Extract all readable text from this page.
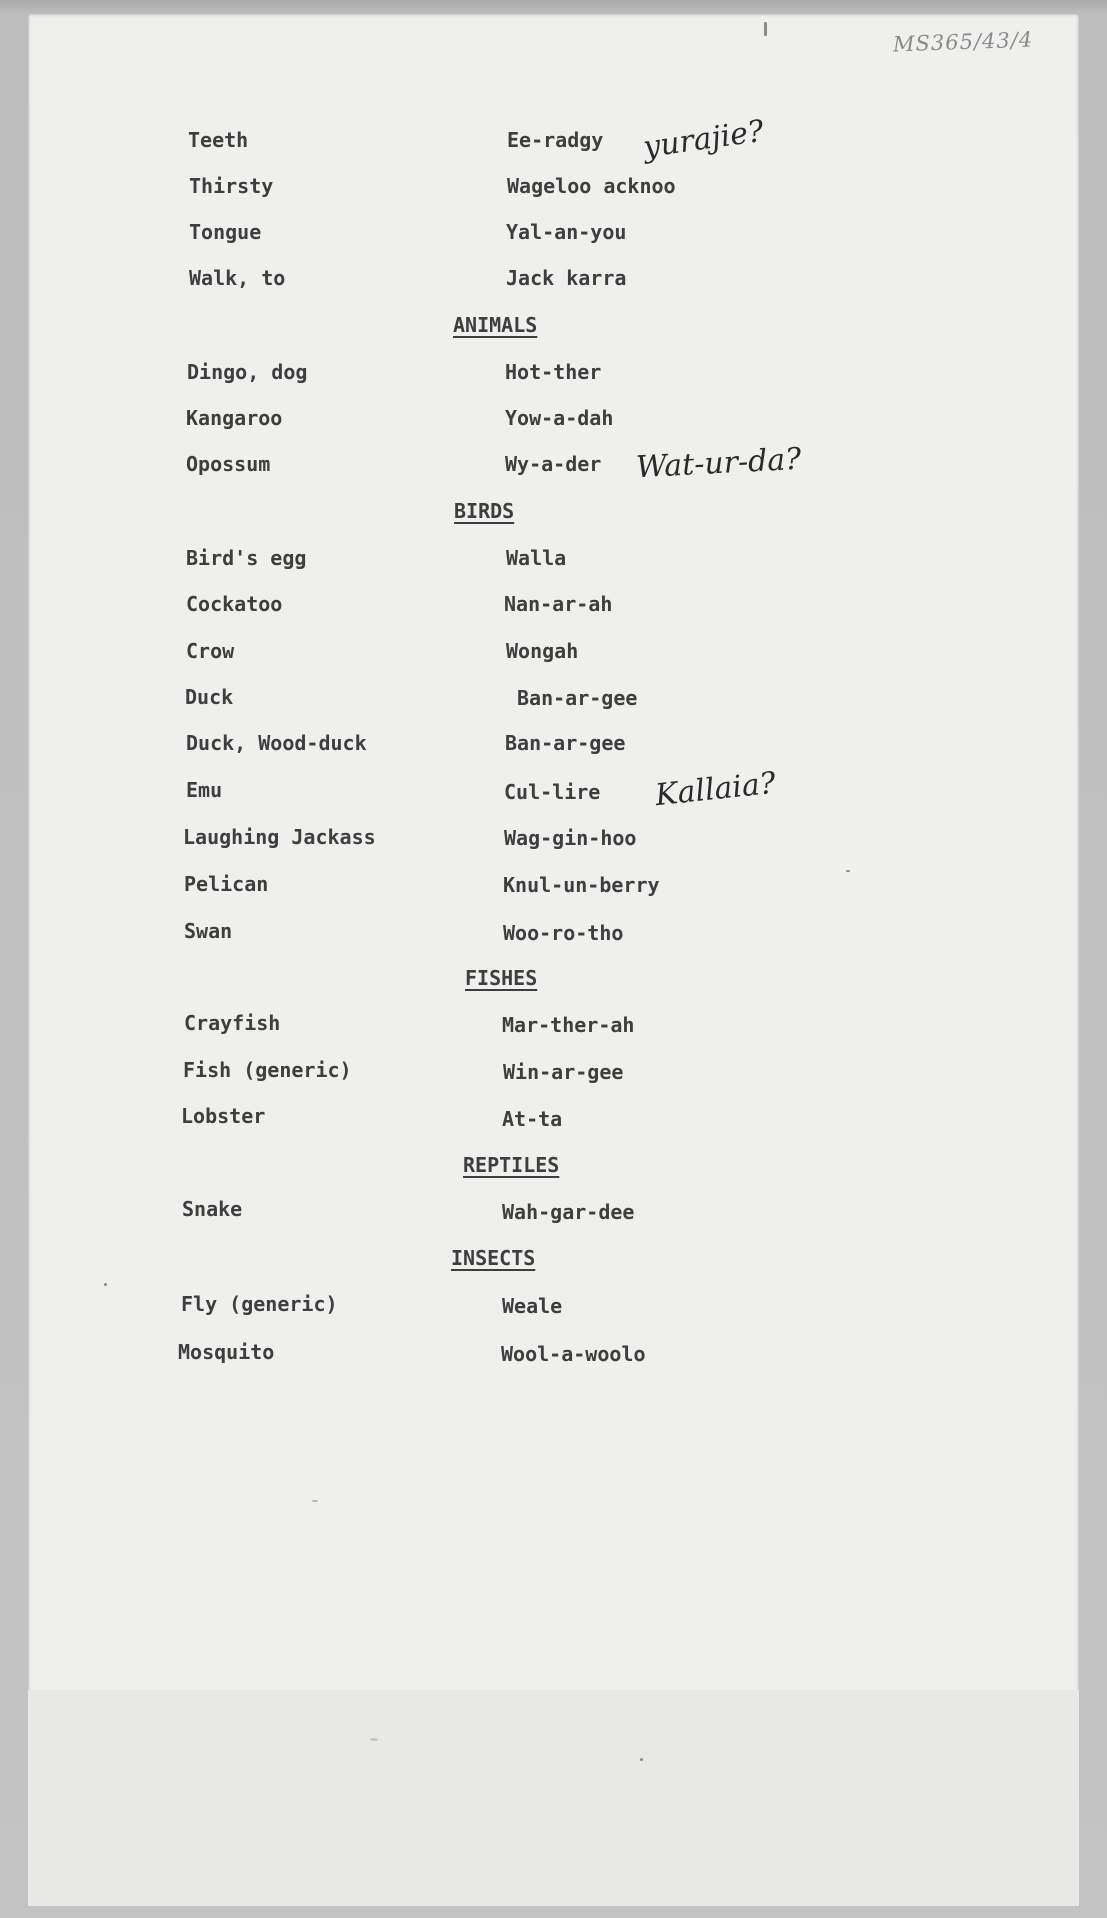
MS365/43/4
Teeth	Ee-radgy
Thirsty	Wageloo acknoo
Tongue	Yal-an-you
Walk, to	Jack karra
ANIMALS
Dingo, dog	Hot-ther
Kangaroo	Yow-a-dah
Opossum	Wy-a-der
BIRDS
Bird's egg	Walla
Cockatoo	Nan-ar-ah
Crow	Wongah
Duck	Ban-ar-gee
Duck, Wood-duck	Ban-ar-gee
Emu	Cul-lire
Laughing Jackass	Wag-gin-hoo
Pelican	Knul-un-berry
Swan	Woo-ro-tho
FISHES
Crayfish	Mar-ther-ah
Fish (generic)	Win-ar-gee
Lobster	At-ta
REPTILES
Snake	Wah-gar-dee
INSECTS
Fly (generic)	Weale
Mosquito	Wool-a-woolo
yurajie?
Wat-ur-da?
Kallaia?
